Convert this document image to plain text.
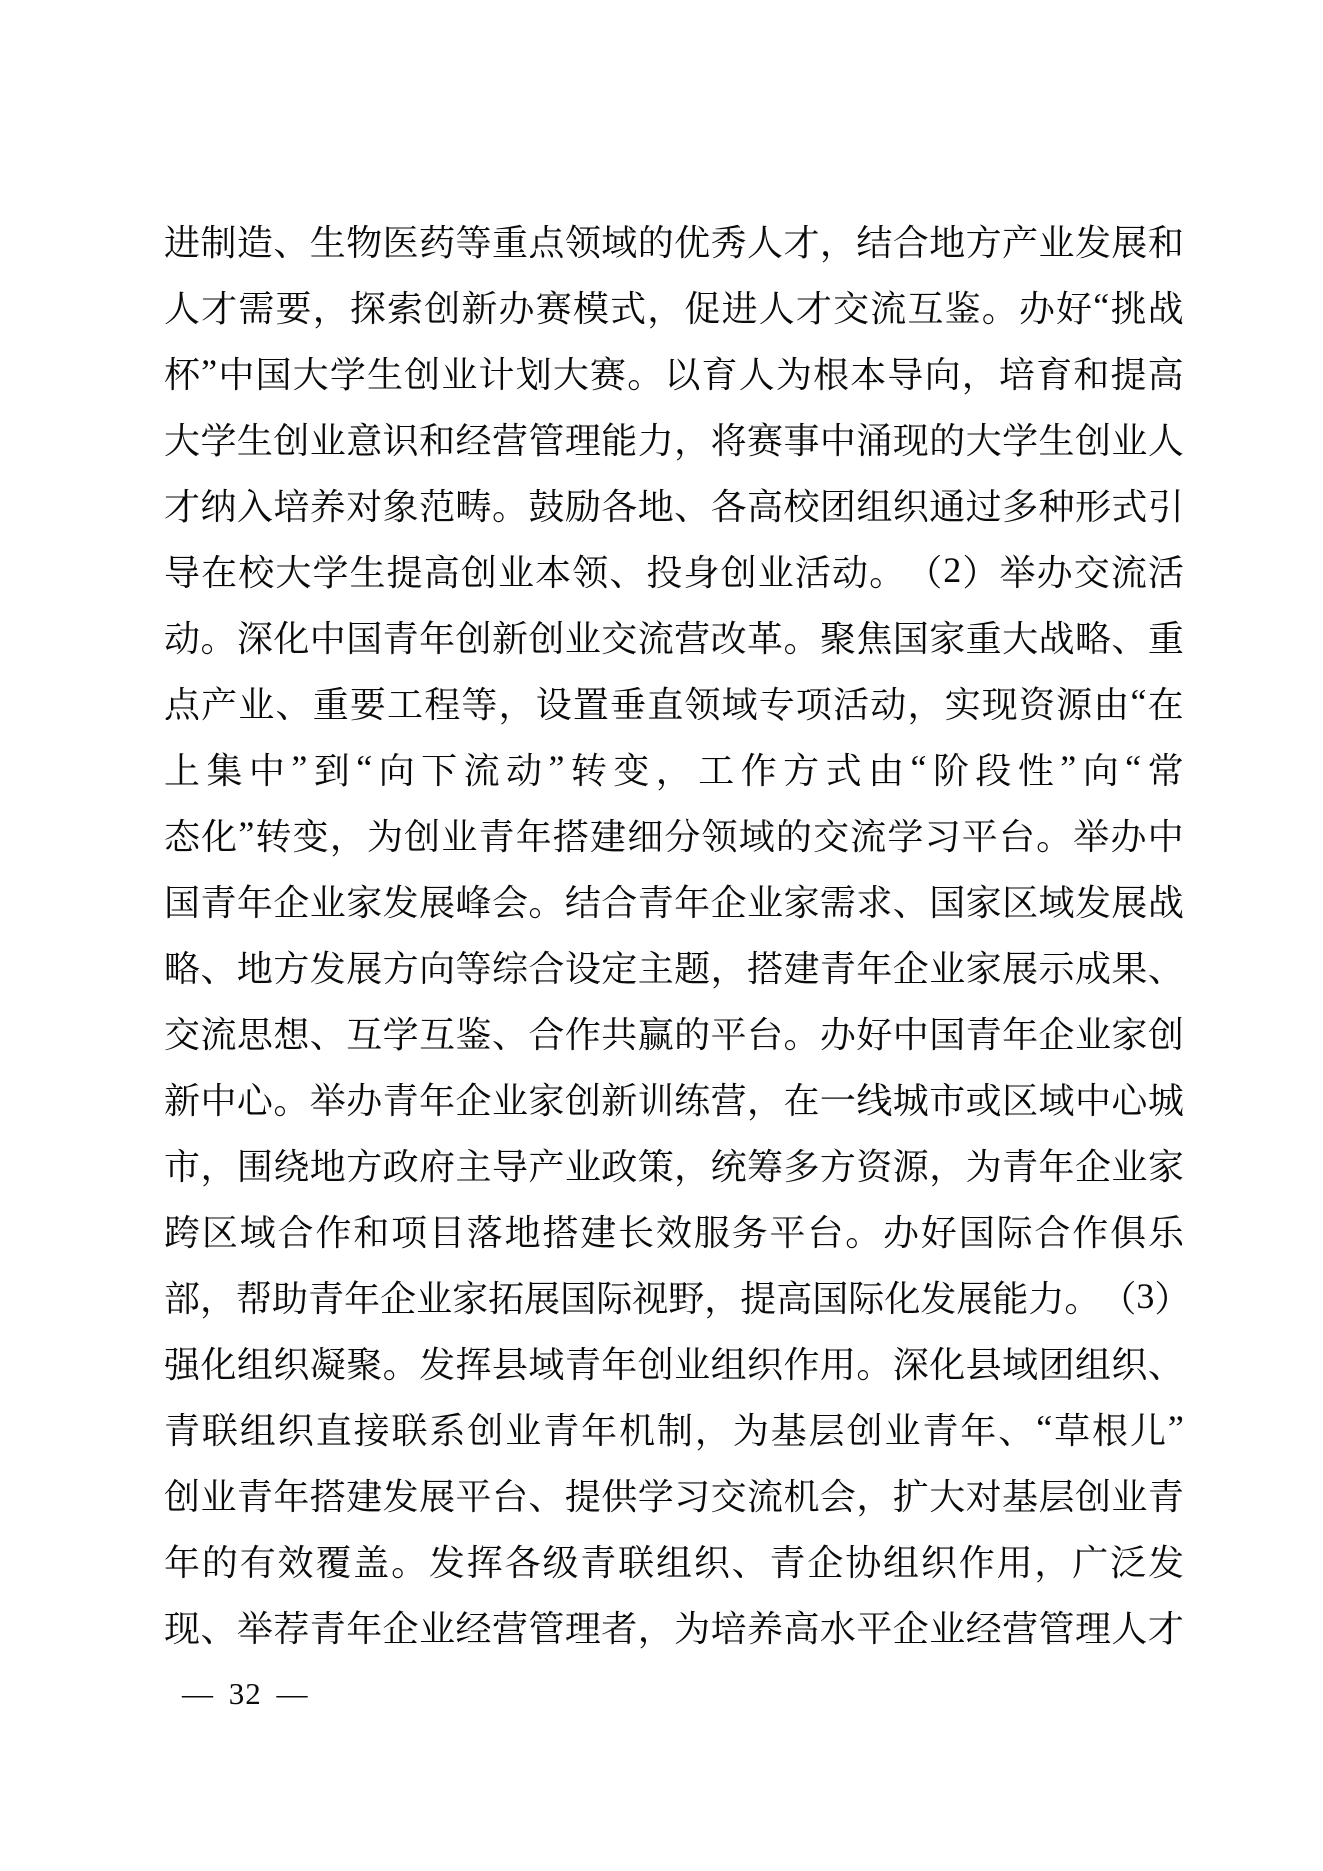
进 制 造 、 生 物 医 药 等 重 点 领 域 的 优 秀 人 才 ， 结 合 地 方 产 业 发 展 和
人 才 需 要 ， 探 索 创 新 办 赛 模 式 ， 促 进 人 才 交 流 互 鉴 。 办 好 “ 挑 战
杯 ” 中 国 大 学 生 创 业 计 划 大 赛 。 以 育 人 为 根 本 导 向 ， 培 育 和 提 高
大 学 生 创 业 意 识 和 经 营 管 理 能 力 ， 将 赛 事 中 涌 现 的 大 学 生 创 业 人
才 纳 入 培 养 对 象 范 畴 。 鼓 励 各 地 、 各 高 校 团 组 织 通 过 多 种 形 式 引
导 在 校 大 学 生 提 高 创 业 本 领 、 投 身 创 业 活 动 。 （ 2 ） 举 办 交 流 活
动 。 深 化 中 国 青 年 创 新 创 业 交 流 营 改 革 。 聚 焦 国 家 重 大 战 略 、 重
点 产 业 、 重 要 工 程 等 ， 设 置 垂 直 领 域 专 项 活 动 ， 实 现 资 源 由 “ 在
上 集 中 ” 到 “ 向 下 流 动 ” 转 变 ， 工 作 方 式 由 “ 阶 段 性 ” 向 “ 常
态 化 ” 转 变 ， 为 创 业 青 年 搭 建 细 分 领 域 的 交 流 学 习 平 台 。 举 办 中
国 青 年 企 业 家 发 展 峰 会 。 结 合 青 年 企 业 家 需 求 、 国 家 区 域 发 展 战
略 、 地 方 发 展 方 向 等 综 合 设 定 主 题 ， 搭 建 青 年 企 业 家 展 示 成 果 、
交 流 思 想 、 互 学 互 鉴 、 合 作 共 赢 的 平 台 。 办 好 中 国 青 年 企 业 家 创
新 中 心 。 举 办 青 年 企 业 家 创 新 训 练 营 ， 在 一 线 城 市 或 区 域 中 心 城
市 ， 围 绕 地 方 政 府 主 导 产 业 政 策 ， 统 筹 多 方 资 源 ， 为 青 年 企 业 家
跨 区 域 合 作 和 项 目 落 地 搭 建 长 效 服 务 平 台 。 办 好 国 际 合 作 俱 乐
部 ， 帮 助 青 年 企 业 家 拓 展 国 际 视 野 ， 提 高 国 际 化 发 展 能 力 。 （ 3 ）
强 化 组 织 凝 聚 。 发 挥 县 域 青 年 创 业 组 织 作 用 。 深 化 县 域 团 组 织 、
青 联 组 织 直 接 联 系 创 业 青 年 机 制 ， 为 基 层 创 业 青 年 、 “ 草 根 儿 ”
创 业 青 年 搭 建 发 展 平 台 、 提 供 学 习 交 流 机 会 ， 扩 大 对 基 层 创 业 青
年 的 有 效 覆 盖 。 发 挥 各 级 青 联 组 织 、 青 企 协 组 织 作 用 ， 广 泛 发
现 、 举 荐 青 年 企 业 经 营 管 理 者 ， 为 培 养 高 水 平 企 业 经 营 管 理 人 才
— 32 —
